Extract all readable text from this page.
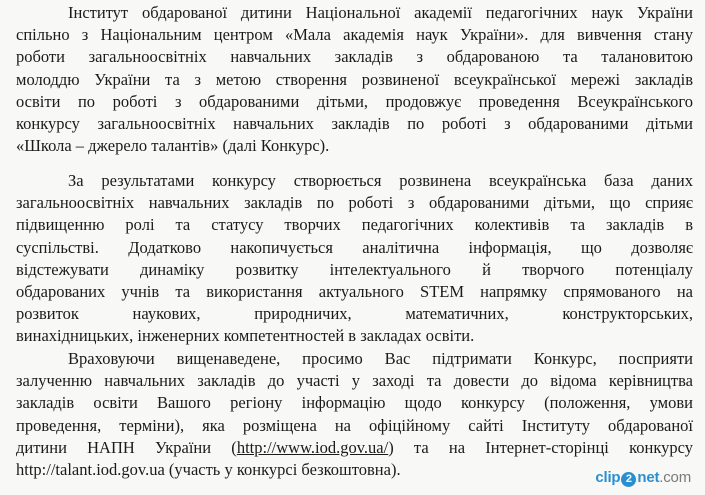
Інститут обдарованої дитини Національної академії педагогічних наук України
спільно з Національним центром «Мала академія наук України». для вивчення стану
роботи загальноосвітніх навчальних закладів з обдарованою та талановитою
молоддю України та з метою створення розвиненої всеукраїнської мережі закладів
освіти по роботі з обдарованими дітьми, продовжує проведення Всеукраїнського
конкурсу загальноосвітніх навчальних закладів по роботі з обдарованими дітьми
«Школа – джерело талантів» (далі Конкурс).
За результатами конкурсу створюється розвинена всеукраїнська база даних
загальноосвітніх навчальних закладів по роботі з обдарованими дітьми, що сприяє
підвищенню ролі та статусу творчих педагогічних колективів та закладів в
суспільстві. Додатково накопичується аналітична інформація, що дозволяє
відстежувати динаміку розвитку інтелектуального й творчого потенціалу
обдарованих учнів та використання актуального STEM напрямку спрямованого на
розвиток наукових, природничих, математичних, конструкторських,
винахідницьких, інженерних компетентностей в закладах освіти.
Враховуючи вищенаведене, просимо Вас підтримати Конкурс, посприяти
залученню навчальних закладів до участі у заході та довести до відома керівництва
закладів освіти Вашого регіону інформацію щодо конкурсу (положення, умови
проведення, терміни), яка розміщена на офіційному сайті Інституту обдарованої
дитини НАПН України (http://www.iod.gov.ua/) та на Інтернет-сторінці конкурсу
http://talant.iod.gov.ua (участь у конкурсі безкоштовна).	clip 2 net.com
